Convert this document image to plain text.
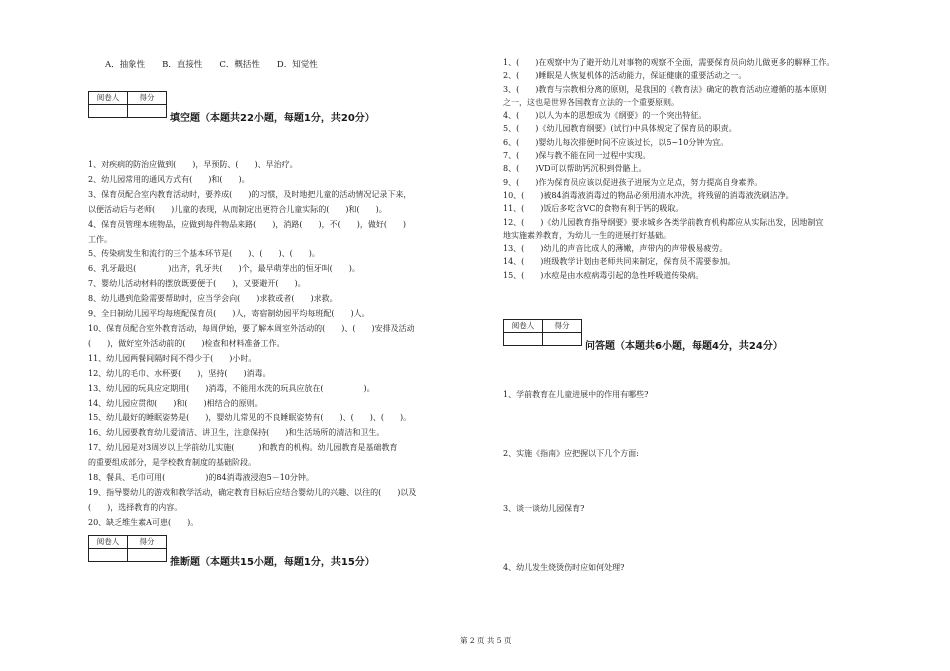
A．抽象性　　B．直接性　　C．概括性　　D．知觉性
阅卷人	得分

填空题（本题共22小题，每题1分，共20分）
1、对疾病的防治应做到(　　)，早预防、(　　)、早治疗。
2、幼儿园常用的通风方式有(　　)和(　　)。
3、保育员配合室内教育活动时，要养成(　　)的习惯，及时地把儿童的活动情况记录下来，
以便活动后与老师(　　)儿童的表现，从而制定出更符合儿童实际的(　　)和(　　)。
4、保育员管理本班物品，应做到每件物品来路(　　)，消路(　　)，不(　　)，做好(　　)
工作。
5、传染病发生和流行的三个基本环节是(　　)、(　　)、(　　)。
6、乳牙最迟(　　　　)出齐，乳牙共(　　)个，最早萌芽出的恒牙叫(　　)。
7、婴幼儿活动材料的摆放既要便于(　　)，又要避开(　　)。
8、幼儿遇到危险需要帮助时，应当学会向(　　)求救或者(　　)求救。
9、全日制幼儿园平均每班配保育员(　　)人，寄宿制幼园平均每班配(　　)人。
10、保育员配合室外教育活动，每周伊始，要了解本周室外活动的(　　)、(　　)安排及活动
(　　)，做好室外活动前的(　　)检查和材料准备工作。
11、幼儿园两餐间隔时间不得少于(　　)小时。
12、幼儿的毛巾、水杯要(　　)，坚持(　　)消毒。
13、幼儿园的玩具应定期用(　　)消毒，不能用水洗的玩具应放在(　　　　　)。
14、幼儿园应贯彻(　　)和(　　)相结合的原则。
15、幼儿最好的睡眠姿势是(　　)，婴幼儿常见的不良睡眠姿势有(　　)、(　　)、(　　)。
16、幼儿园要教育幼儿爱清洁、讲卫生，注意保持(　　)和生活场所的清洁和卫生。
17、幼儿园是对3周岁以上学前幼儿实施(　　　)和教育的机构。幼儿园教育是基础教育
的重要组成部分，是学校教育制度的基础阶段。
18、餐具、毛巾可用(　　　　　)的84消毒液浸泡5－10分钟。
19、指导婴幼儿的游戏和教学活动，确定教育目标后应结合婴幼儿的兴趣、以往的(　　)以及
(　　)，选择教育的内容。
20、缺乏维生素A可患(　　)。
阅卷人	得分

推断题（本题共15小题，每题1分，共15分）
1、(　　)在观察中为了避开幼儿对事物的观察不全面，需要保育员向幼儿做更多的解释工作。
2、(　　)睡眠是人恢复机体的活动能力，保证健康的重要活动之一。
3、(　　)教育与宗教相分离的原则，是我国的《教育法》确定的教育活动应遵循的基本原则
之一，这也是世界各国教育立法的一个重要原则。
4、(　　)以人为本的思想成为《纲要》的一个突出特征。
5、(　　)《幼儿园教育纲要》(试行)中具体规定了保育员的职责。
6、(　　)婴幼儿每次排便时间不应该过长，以5~10分钟为宜。
7、(　　)保与教不能在同一过程中实现。
8、(　　)VD可以帮助钙沉积到骨骼上。
9、(　　)作为保育员应该以促进孩子进展为立足点，努力提高自身素养。
10、(　　)被84消毒液消毒过的物品必须用清水冲洗，将残留的消毒液洗刷洁净。
11、(　　)饭后多吃含VC的食物有利于钙的吸取。
12、(　　)《幼儿园教育指导纲要》要求城乡各类学前教育机构都应从实际出发，因地制宜
地实施素养教育，为幼儿一生的进展打好基础。
13、(　　)幼儿的声音比成人的薄嫩，声带内的声带极易疲劳。
14、(　　)班级教学计划由老师共同来制定，保育员不需要参加。
15、(　　)水痘是由水痘病毒引起的急性呼吸道传染病。
阅卷人	得分

问答题（本题共6小题，每题4分，共24分）
1、学前教育在儿童进展中的作用有哪些?
2、实施《指南》应把握以下几个方面:
3、谈一谈幼儿园保育?
4、幼儿发生烧烫伤时应如何处理?
第 2 页 共 5 页
